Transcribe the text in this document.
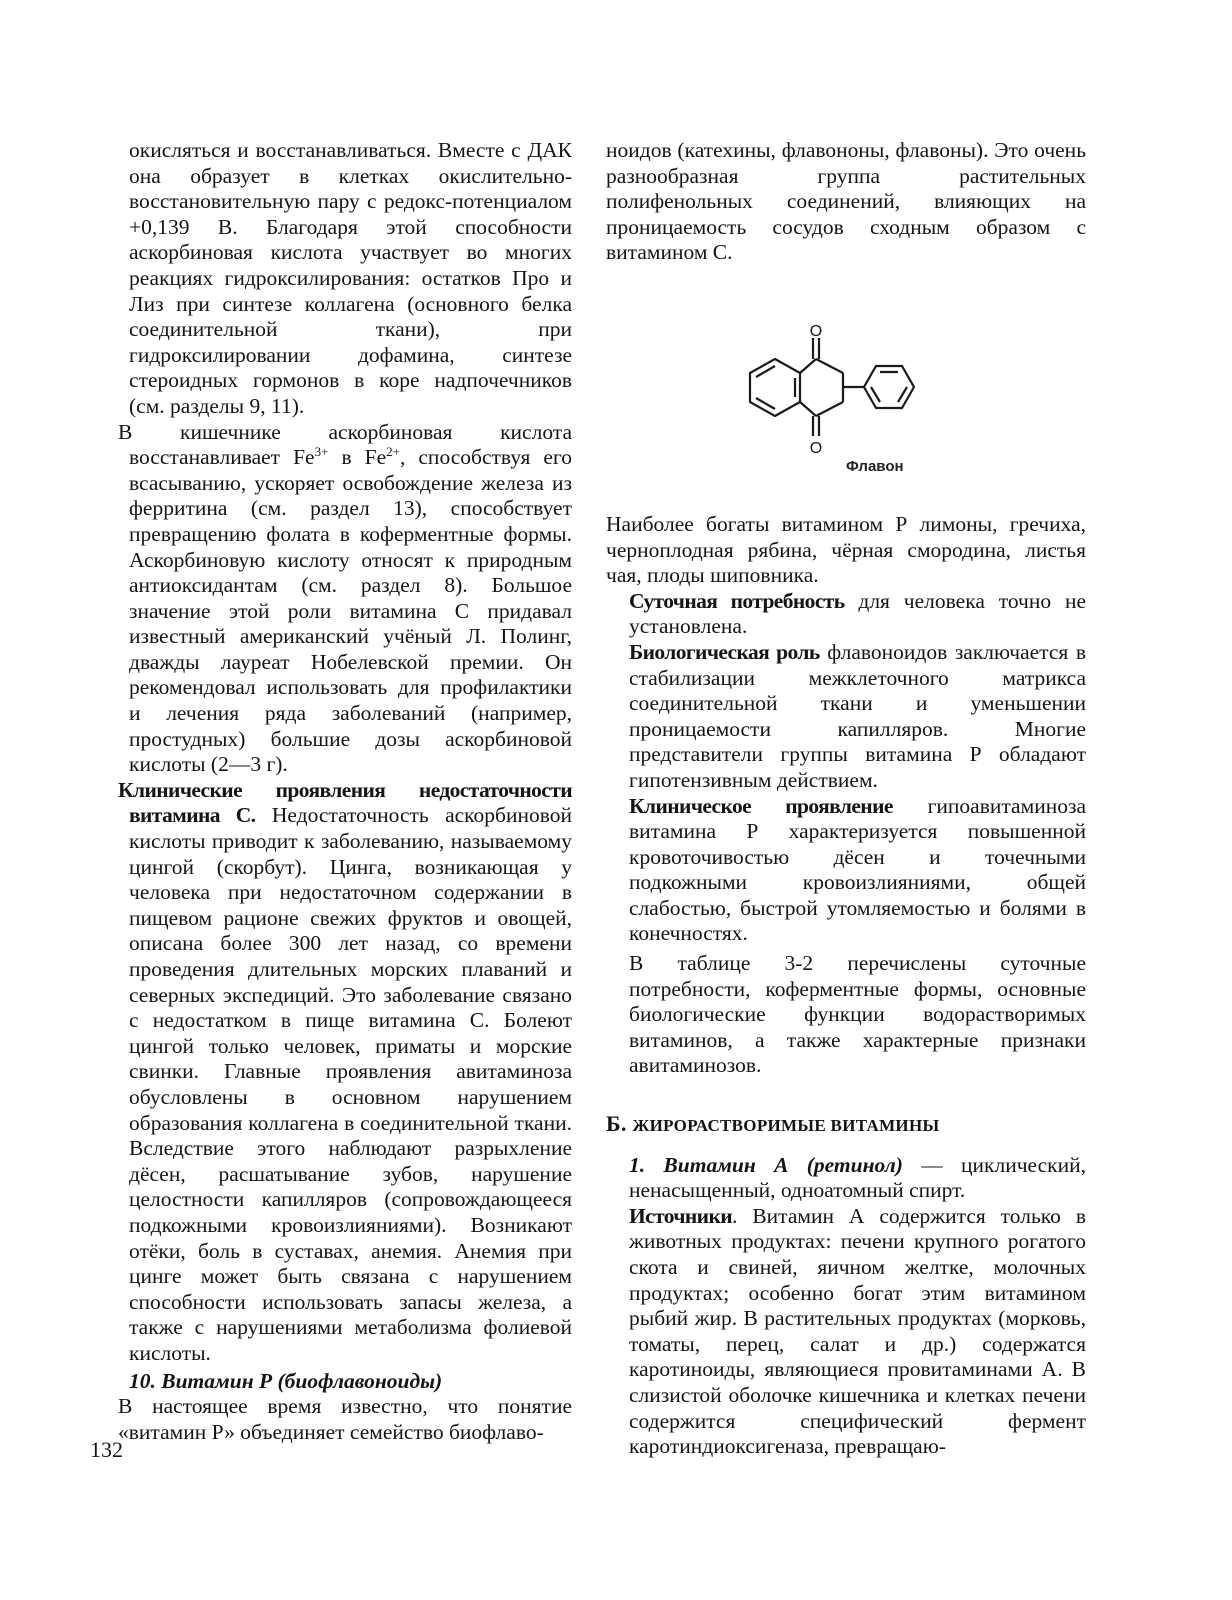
окисляться и восстанавливаться. Вместе с ДАК она образует в клетках окислительно-восстановительную пару с редокс-потенциалом +0,139 В. Благодаря этой способности аскорбиновая кислота участвует во многих реакциях гидроксилирования: остатков Про и Лиз при синтезе коллагена (основного белка соединительной ткани), при гидроксилировании дофамина, синтезе стероидных гормонов в коре надпочечников (см. разделы 9, 11).

В кишечнике аскорбиновая кислота восстанавливает $Fe^{3+}$ в $Fe^{2+}$, способствуя его всасыванию, ускоряет освобождение железа из ферритина (см. раздел 13), способствует превращению фолата в коферментные формы. Аскорбиновую кислоту относят к природным антиоксидантам (см. раздел 8). Большое значение этой роли витамина С придавал известный американский учёный Л. Полинг, дважды лауреат Нобелевской премии. Он рекомендовал использовать для профилактики и лечения ряда заболеваний (например, простудных) большие дозы аскорбиновой кислоты (2—3 г).

Клинические проявления недостаточности витамина С. Недостаточность аскорбиновой кислоты приводит к заболеванию, называемому цингой (скорбут). Цинга, возникающая у человека при недостаточном содержании в пищевом рационе свежих фруктов и овощей, описана более 300 лет назад, со времени проведения длительных морских плаваний и северных экспедиций. Это заболевание связано с недостатком в пище витамина С. Болеют цингой только человек, приматы и морские свинки. Главные проявления авитаминоза обусловлены в основном нарушением образования коллагена в соединительной ткани. Вследствие этого наблюдают разрыхление дёсен, расшатывание зубов, нарушение целостности капилляров (сопровождающееся подкожными кровоизлияниями). Возникают отёки, боль в суставах, анемия. Анемия при цинге может быть связана с нарушением способности использовать запасы железа, а также с нарушениями метаболизма фолиевой кислоты.

10. Витамин Р (биофлавоноиды)

В настоящее время известно, что понятие «витамин Р» объединяет семейство биофлаво-

ноидов (катехины, флавононы, флавоны). Это очень разнообразная группа растительных полифенольных соединений, влияющих на проницаемость сосудов сходным образом с витамином С.

O
O
Флавон

Наиболее богаты витамином Р лимоны, гречиха, черноплодная рябина, чёрная смородина, листья чая, плоды шиповника.

Суточная потребность для человека точно не установлена.

Биологическая роль флавоноидов заключается в стабилизации межклеточного матрикса соединительной ткани и уменьшении проницаемости капилляров. Многие представители группы витамина Р обладают гипотензивным действием.

Клиническое проявление гипоавитаминоза витамина Р характеризуется повышенной кровоточивостью дёсен и точечными подкожными кровоизлияниями, общей слабостью, быстрой утомляемостью и болями в конечностях.

В таблице 3-2 перечислены суточные потребности, коферментные формы, основные биологические функции водорастворимых витаминов, а также характерные признаки авитаминозов.

Б. ЖИРОРАСТВОРИМЫЕ ВИТАМИНЫ

1. Витамин А (ретинол) — циклический, ненасыщенный, одноатомный спирт.

Источники. Витамин А содержится только в животных продуктах: печени крупного рогатого скота и свиней, яичном желтке, молочных продуктах; особенно богат этим витамином рыбий жир. В растительных продуктах (морковь, томаты, перец, салат и др.) содержатся каротиноиды, являющиеся провитаминами А. В слизистой оболочке кишечника и клетках печени содержится специфический фермент каротиндиоксигеназа, превращаю-

132
